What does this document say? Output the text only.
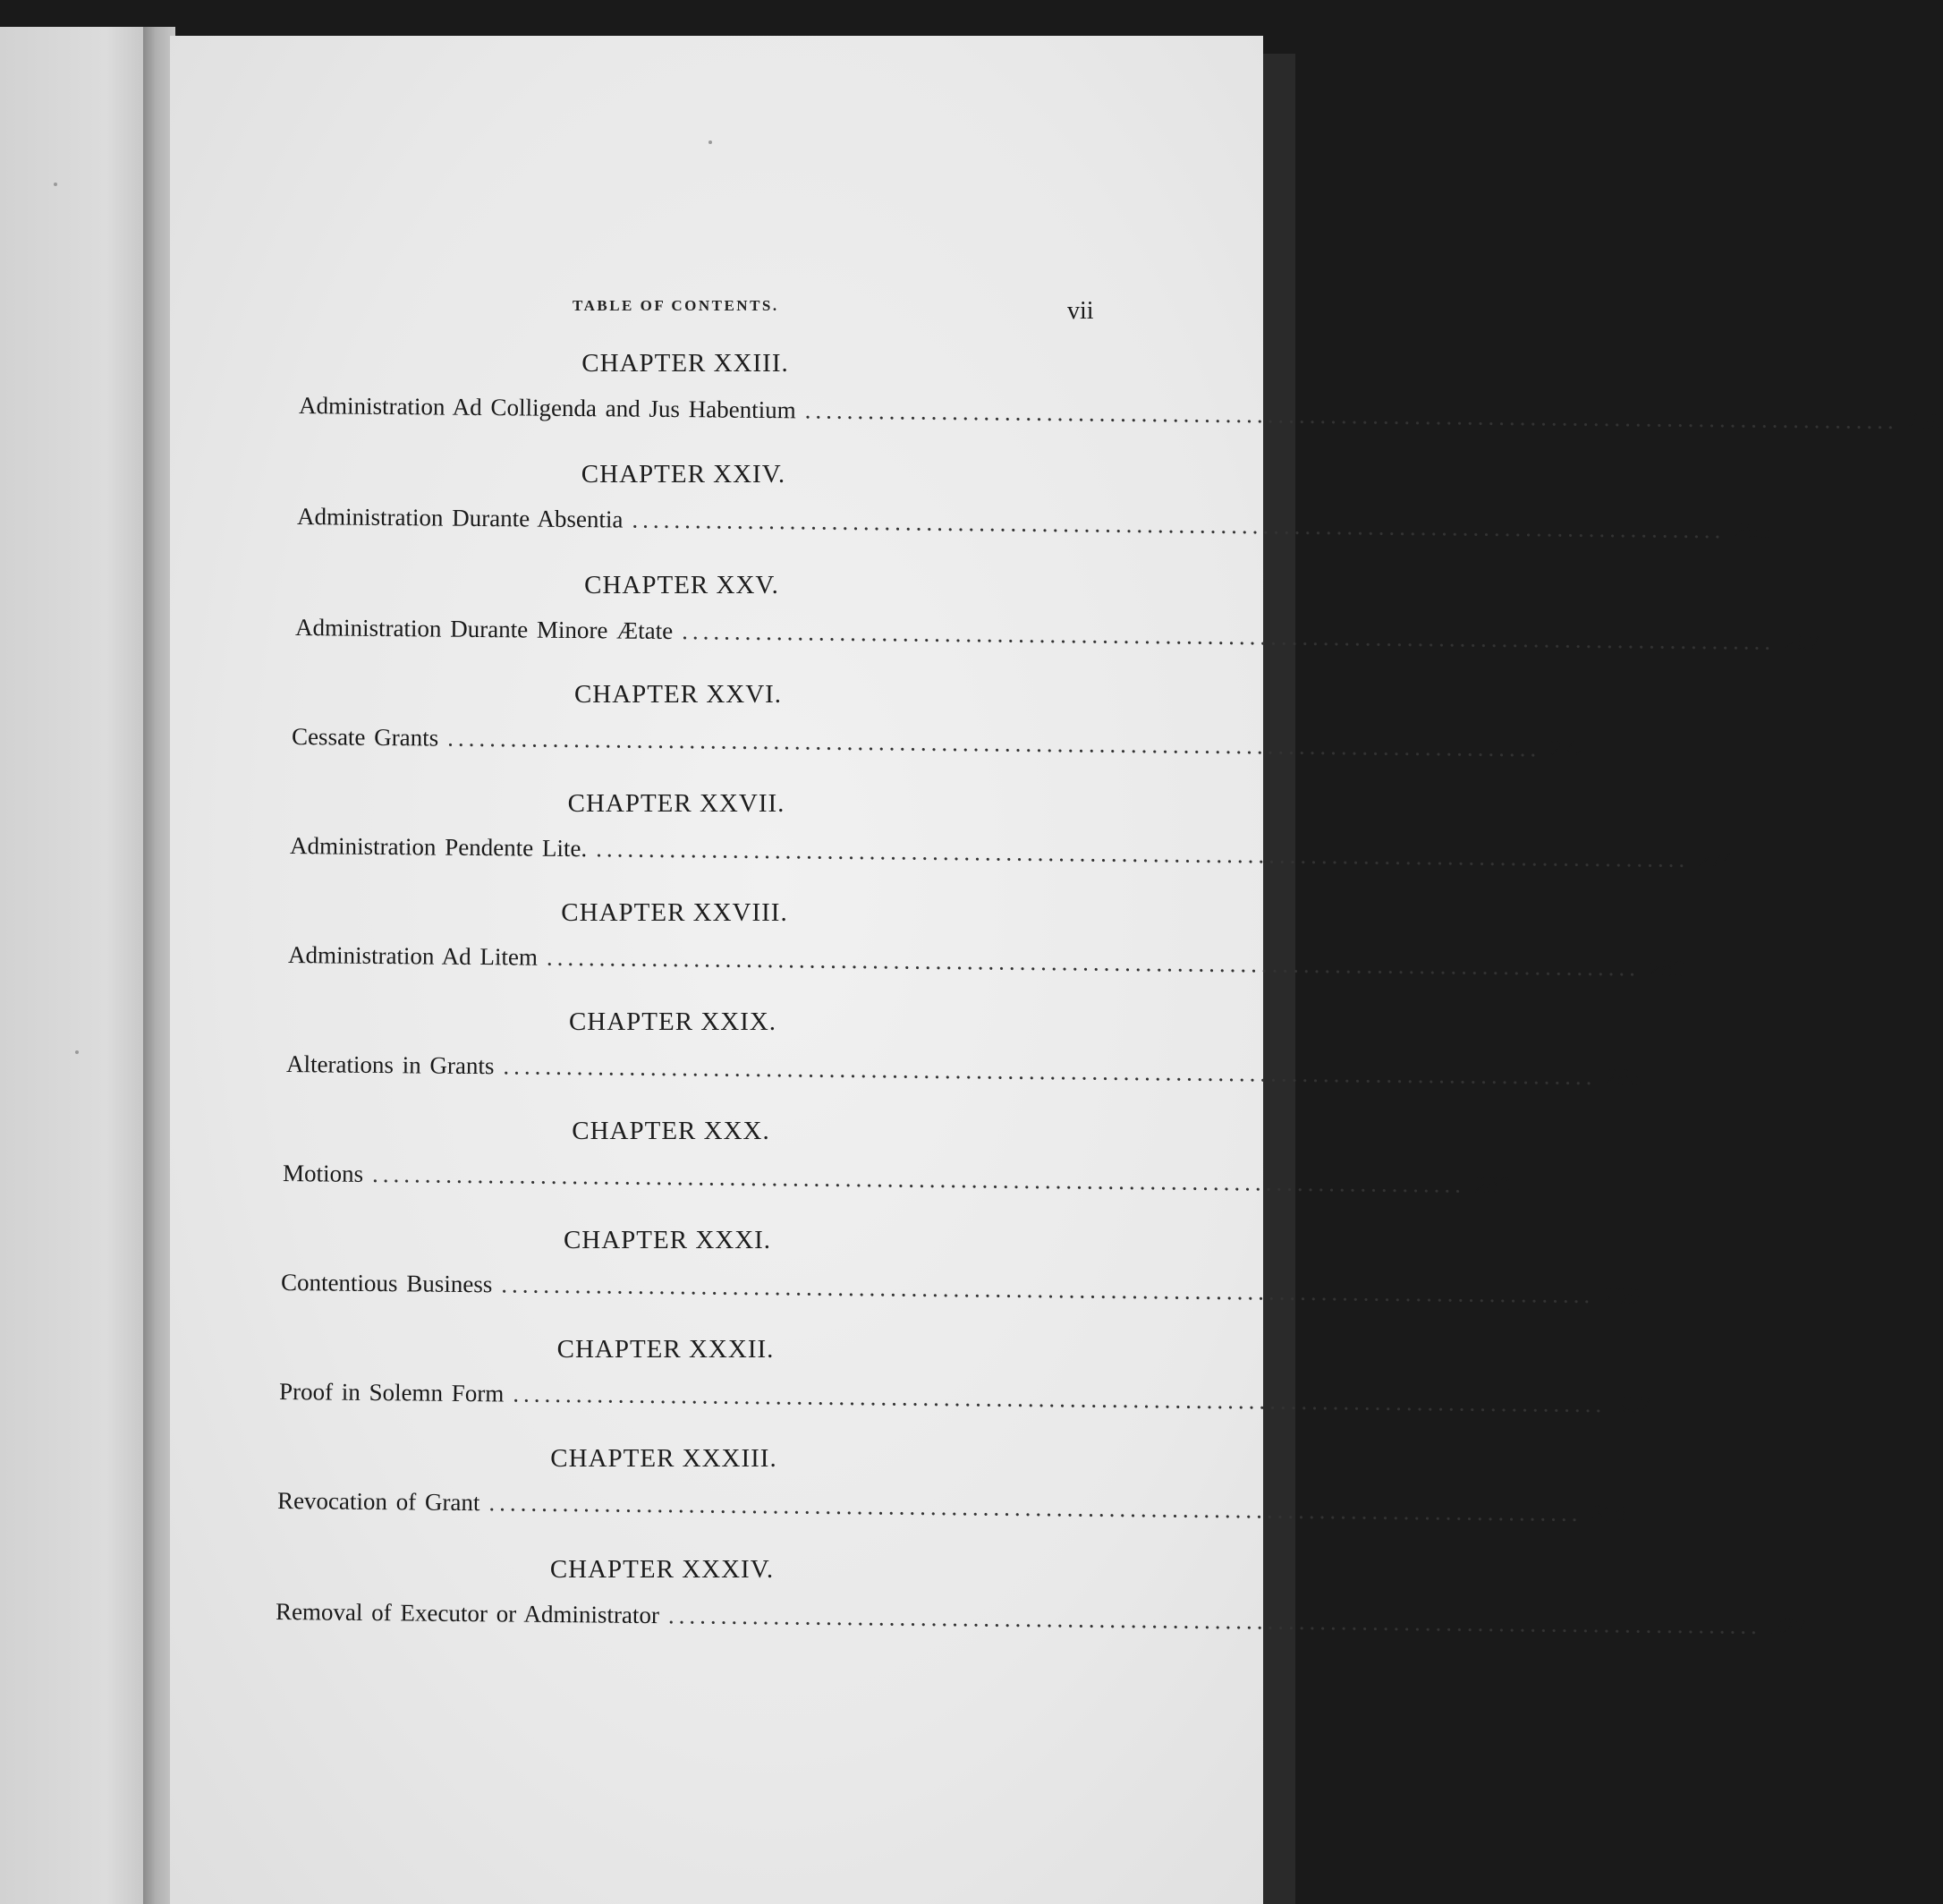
TABLE OF CONTENTS.	vii
CHAPTER XXIII.
Administration Ad Colligenda and Jus Habentium ........................................................................................................ 259
CHAPTER XXIV.
Administration Durante Absentia ........................................................................................................ 265
CHAPTER XXV.
Administration Durante Minore Ætate ........................................................................................................ 267
CHAPTER XXVI.
Cessate Grants ........................................................................................................ 272
CHAPTER XXVII.
Administration Pendente Lite. ........................................................................................................ 274
CHAPTER XXVIII.
Administration Ad Litem ........................................................................................................ 280
CHAPTER XXIX.
Alterations in Grants ........................................................................................................ 285
CHAPTER XXX.
Motions ........................................................................................................ 289
CHAPTER XXXI.
Contentious Business ........................................................................................................ 299
CHAPTER XXXII.
Proof in Solemn Form ........................................................................................................ 307
CHAPTER XXXIII.
Revocation of Grant ........................................................................................................ 318
CHAPTER XXXIV.
Removal of Executor or Administrator ........................................................................................................ 327
